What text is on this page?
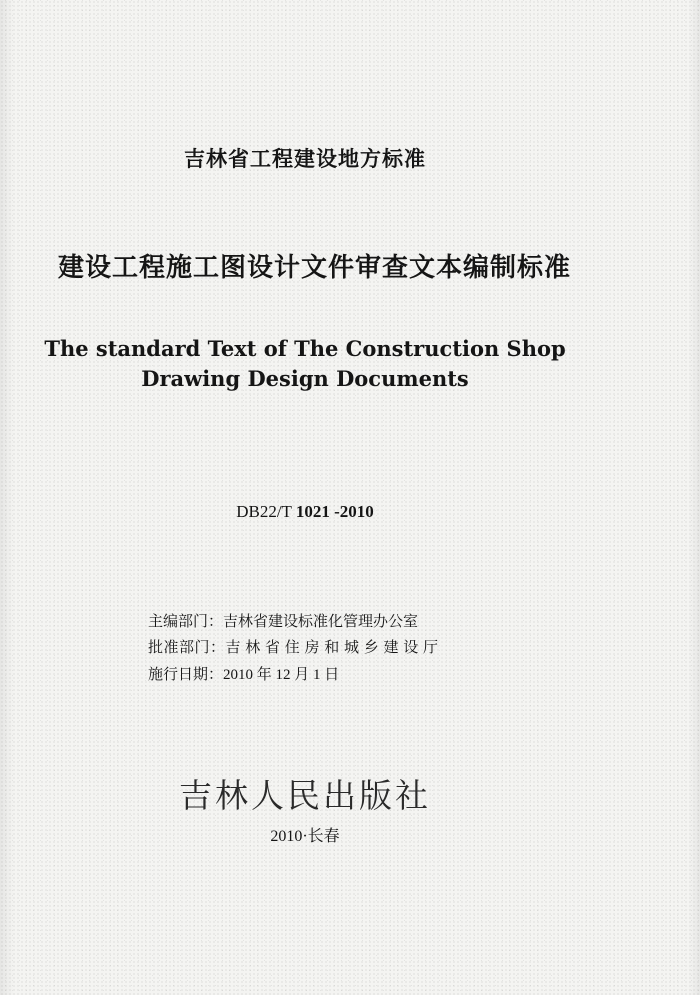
吉林省工程建设地方标准
建设工程施工图设计文件审查文本编制标准
The standard Text of The Construction Shop
Drawing Design Documents
DB22/T 1021 -2010
主编部门：吉林省建设标准化管理办公室
批准部门：吉 林 省 住 房 和 城 乡 建 设 厅
施行日期：2010 年 12 月 1 日
吉林人民出版社
2010·长春
